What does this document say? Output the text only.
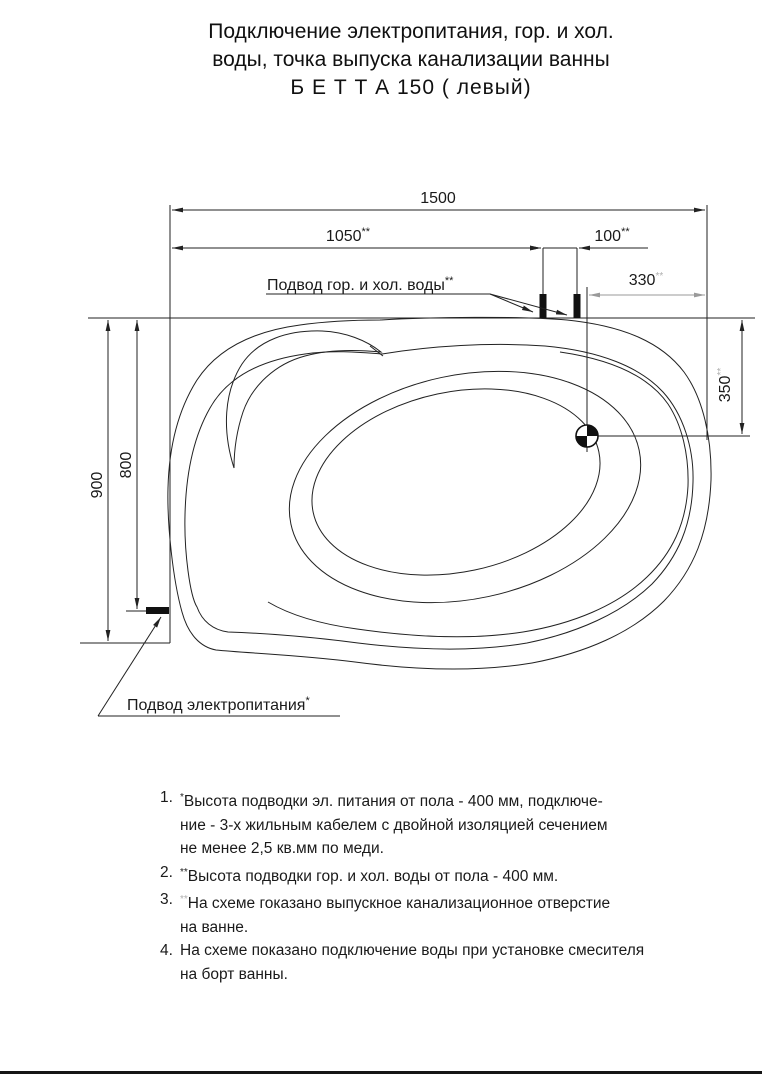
Подключение электропитания, гор. и хол.
воды, точка выпуска канализации ванны
Б Е Т Т А 150 ( левый)
1500
1050**	100**
330**
350**
900
800
Подвод гор. и хол. воды**
Подвод электропитания*
1. *Высота подводки эл. питания от пола - 400 мм, подключе-
ние - 3-х жильным кабелем с двойной изоляцией сечением
не менее 2,5 кв.мм по меди.
2. **Высота подводки гор. и хол. воды от пола - 400 мм.
3. **На схеме гоказано выпускное канализационное отверстие
на ванне.
4. На схеме показано подключение воды при установке смесителя
на борт ванны.
